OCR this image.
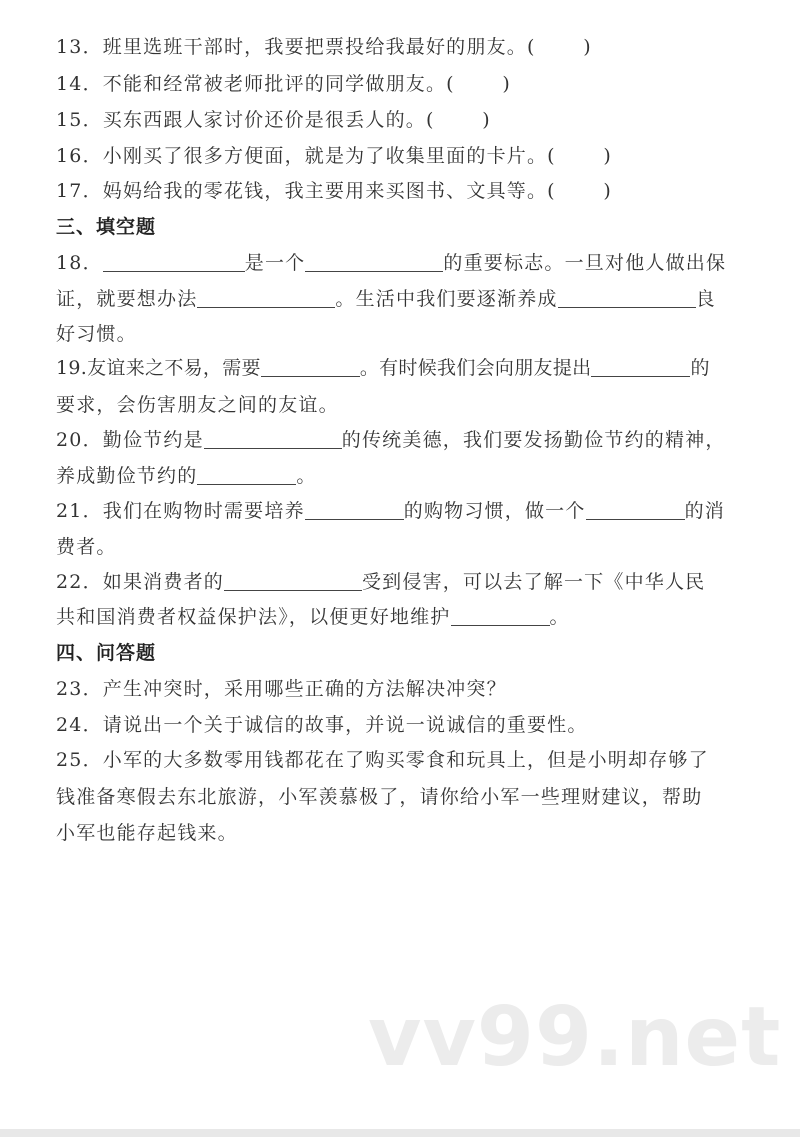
13．班里选班干部时，我要把票投给我最好的朋友。(　　 )
14．不能和经常被老师批评的同学做朋友。(　　 )
15．买东西跟人家讨价还价是很丢人的。(　　 )
16．小刚买了很多方便面，就是为了收集里面的卡片。(　　 )
17．妈妈给我的零花钱，我主要用来买图书、文具等。(　　 )
三、填空题
18．	是一个	的重要标志。一旦对他人做出保
证，就要想办法	。生活中我们要逐渐养成	良
好习惯。
19.友谊来之不易，需要	。有时候我们会向朋友提出	的
要求，会伤害朋友之间的友谊。
20．勤俭节约是	的传统美德，我们要发扬勤俭节约的精神，
养成勤俭节约的	。
21．我们在购物时需要培养	的购物习惯，做一个	的消
费者。
22．如果消费者的	受到侵害，可以去了解一下《中华人民
共和国消费者权益保护法》，以便更好地维护	。
四、问答题
23．产生冲突时，采用哪些正确的方法解决冲突？
24．请说出一个关于诚信的故事，并说一说诚信的重要性。
25．小军的大多数零用钱都花在了购买零食和玩具上，但是小明却存够了
钱准备寒假去东北旅游，小军羡慕极了，请你给小军一些理财建议，帮助
小军也能存起钱来。
vv99.net
